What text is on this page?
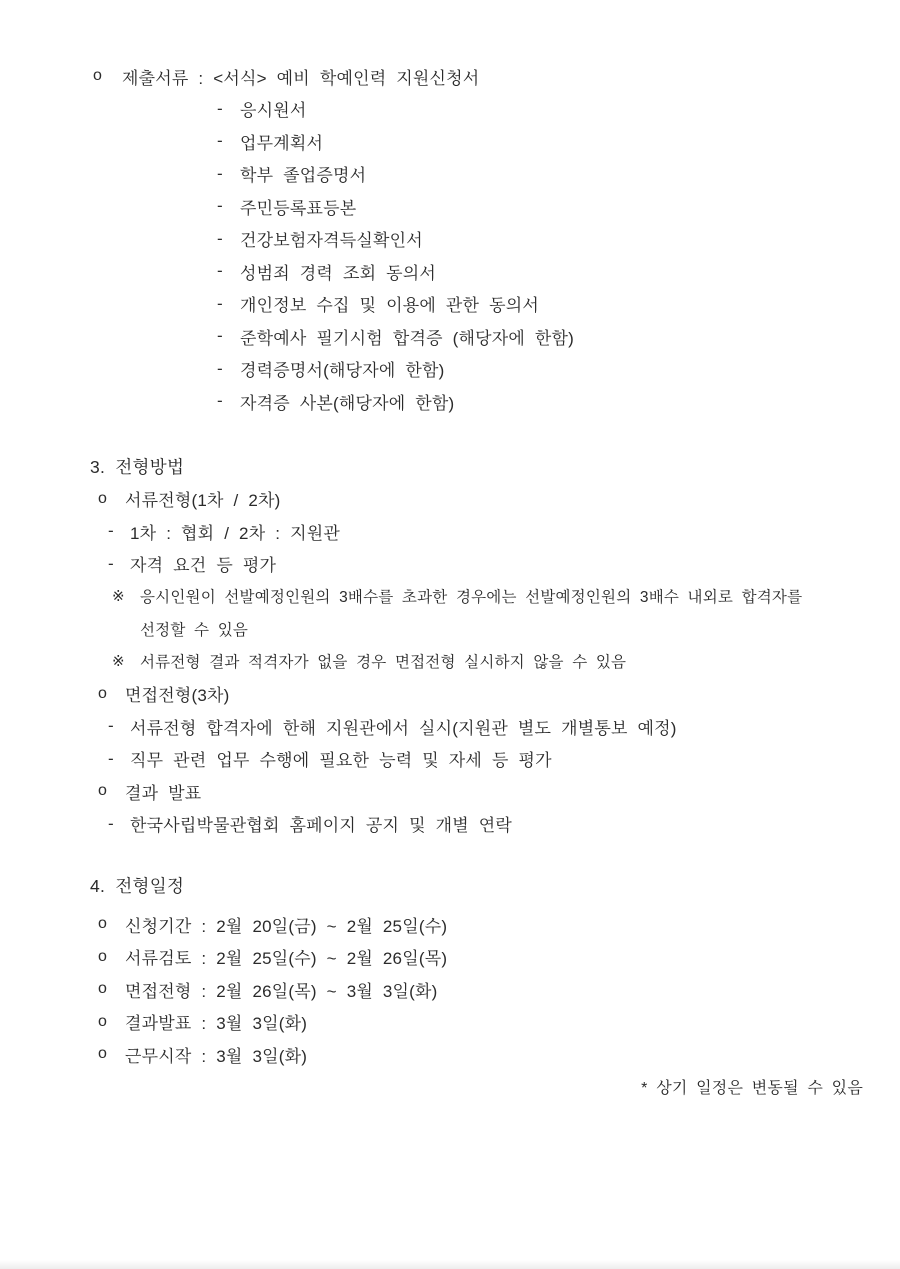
o	제출서류 : <서식> 예비 학예인력 지원신청서
-	응시원서
-	업무계획서
-	학부 졸업증명서
-	주민등록표등본
-	건강보험자격득실확인서
-	성범죄 경력 조회 동의서
-	개인정보 수집 및 이용에 관한 동의서
-	준학예사 필기시험 합격증 (해당자에 한함)
-	경력증명서(해당자에 한함)
-	자격증 사본(해당자에 한함)
3. 전형방법
o	서류전형(1차 / 2차)
- 1차 : 협회 / 2차 : 지원관
- 자격 요건 등 평가
※ 응시인원이 선발예정인원의 3배수를 초과한 경우에는 선발예정인원의 3배수 내외로 합격자를
선정할 수 있음
※ 서류전형 결과 적격자가 없을 경우 면접전형 실시하지 않을 수 있음
o	면접전형(3차)
- 서류전형 합격자에 한해 지원관에서 실시(지원관 별도 개별통보 예정)
- 직무 관련 업무 수행에 필요한 능력 및 자세 등 평가
o	결과 발표
- 한국사립박물관협회 홈페이지 공지 및 개별 연락
4. 전형일정
o	신청기간 : 2월 20일(금) ~ 2월 25일(수)
o	서류검토 : 2월 25일(수) ~ 2월 26일(목)
o	면접전형 : 2월 26일(목) ~ 3월 3일(화)
o	결과발표 : 3월 3일(화)
o	근무시작 : 3월 3일(화)
* 상기 일정은 변동될 수 있음
